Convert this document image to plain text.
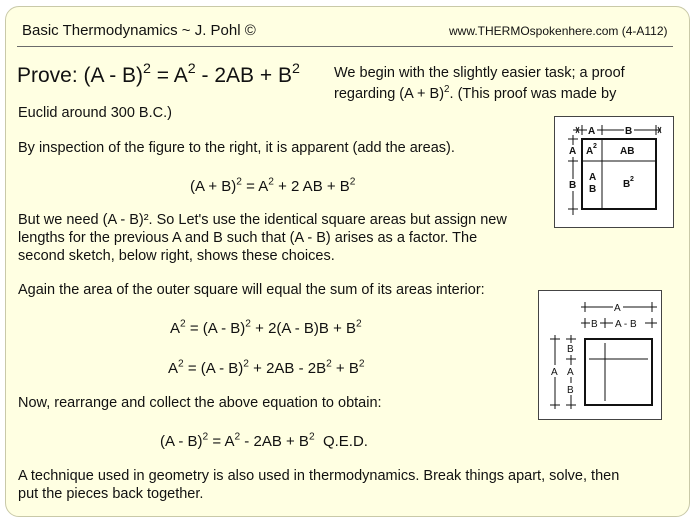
Basic Thermodynamics ~ J. Pohl ©	www.THERMOspokenhere.com (4-A112)
Prove: $(A - B)^2 = A^2 - 2AB + B^2$ We begin with the slightly easier task; a proof
regarding $(A + B)^2$. (This proof was made by
Euclid around 300 B.C.)
By inspection of the figure to the right, it is apparent (add the areas).
$(A + B)^2 = A^2 + 2$ AB + $B^2$
But we need (A - B)². So Let's use the identical square areas but assign new
lengths for the previous A and B such that (A - B) arises as a factor. The
second sketch, below right, shows these choices.
Again the area of the outer square will equal the sum of its areas interior:
$A^2 = (A - B)^2 + 2(A - B)B + B^2$
$A^2 = (A - B)^2 + 2AB - 2B^2 + B^2$
Now, rearrange and collect the above equation to obtain:
$(A - B)^2 = A^2 - 2AB + B^2$ Q.E.D.
A technique used in geometry is also used in thermodynamics. Break things apart, solve, then
put the pieces back together.
A	B
A
B
A 2 AB
A
B	B 2
A
B A - B
A
B
A
B
